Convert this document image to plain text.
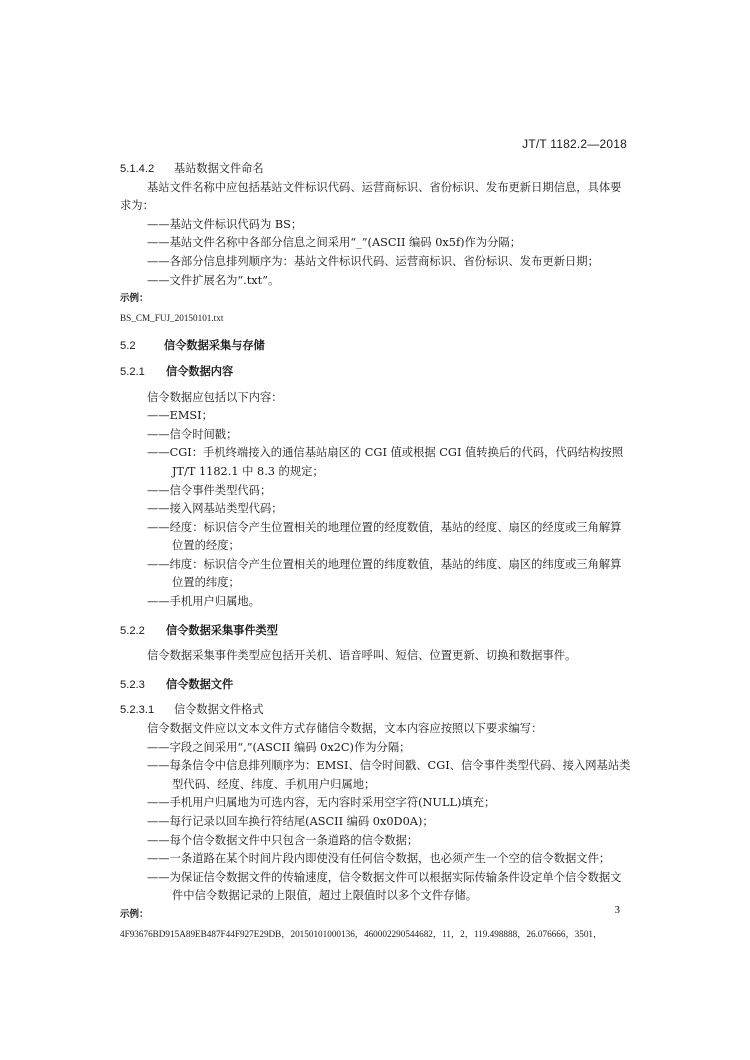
JT/T 1182.2—2018
5.1.4.2	基站数据文件命名
基站文件名称中应包括基站文件标识代码、运营商标识、省份标识、发布更新日期信息，具体要求为：
——基站文件标识代码为 BS；
——基站文件名称中各部分信息之间采用“_”(ASCII 编码 0x5f)作为分隔；
——各部分信息排列顺序为：基站文件标识代码、运营商标识、省份标识、发布更新日期；
——文件扩展名为“.txt”。
示例：
BS_CM_FUJ_20150101.txt
5.2	信令数据采集与存储
5.2.1	信令数据内容
信令数据应包括以下内容：
——EMSI；
——信令时间戳；
——CGI：手机终端接入的通信基站扇区的 CGI 值或根据 CGI 值转换后的代码，代码结构按照 JT/T 1182.1 中 8.3 的规定；
——信令事件类型代码；
——接入网基站类型代码；
——经度：标识信令产生位置相关的地理位置的经度数值，基站的经度、扇区的经度或三角解算位置的经度；
——纬度：标识信令产生位置相关的地理位置的纬度数值，基站的纬度、扇区的纬度或三角解算位置的纬度；
——手机用户归属地。
5.2.2	信令数据采集事件类型
信令数据采集事件类型应包括开关机、语音呼叫、短信、位置更新、切换和数据事件。
5.2.3	信令数据文件
5.2.3.1	信令数据文件格式
信令数据文件应以文本文件方式存储信令数据，文本内容应按照以下要求编写：
——字段之间采用“,”(ASCII 编码 0x2C)作为分隔；
——每条信令中信息排列顺序为：EMSI、信令时间戳、CGI、信令事件类型代码、接入网基站类型代码、经度、纬度、手机用户归属地；
——手机用户归属地为可选内容，无内容时采用空字符(NULL)填充；
——每行记录以回车换行符结尾(ASCII 编码 0x0D0A)；
——每个信令数据文件中只包含一条道路的信令数据；
——一条道路在某个时间片段内即使没有任何信令数据，也必须产生一个空的信令数据文件；
——为保证信令数据文件的传输速度，信令数据文件可以根据实际传输条件设定单个信令数据文件中信令数据记录的上限值，超过上限值时以多个文件存储。
示例：
4F93676BD915A89EB487F44F927E29DB，20150101000136，460002290544682，11，2，119.498888，26.076666，3501，
3
